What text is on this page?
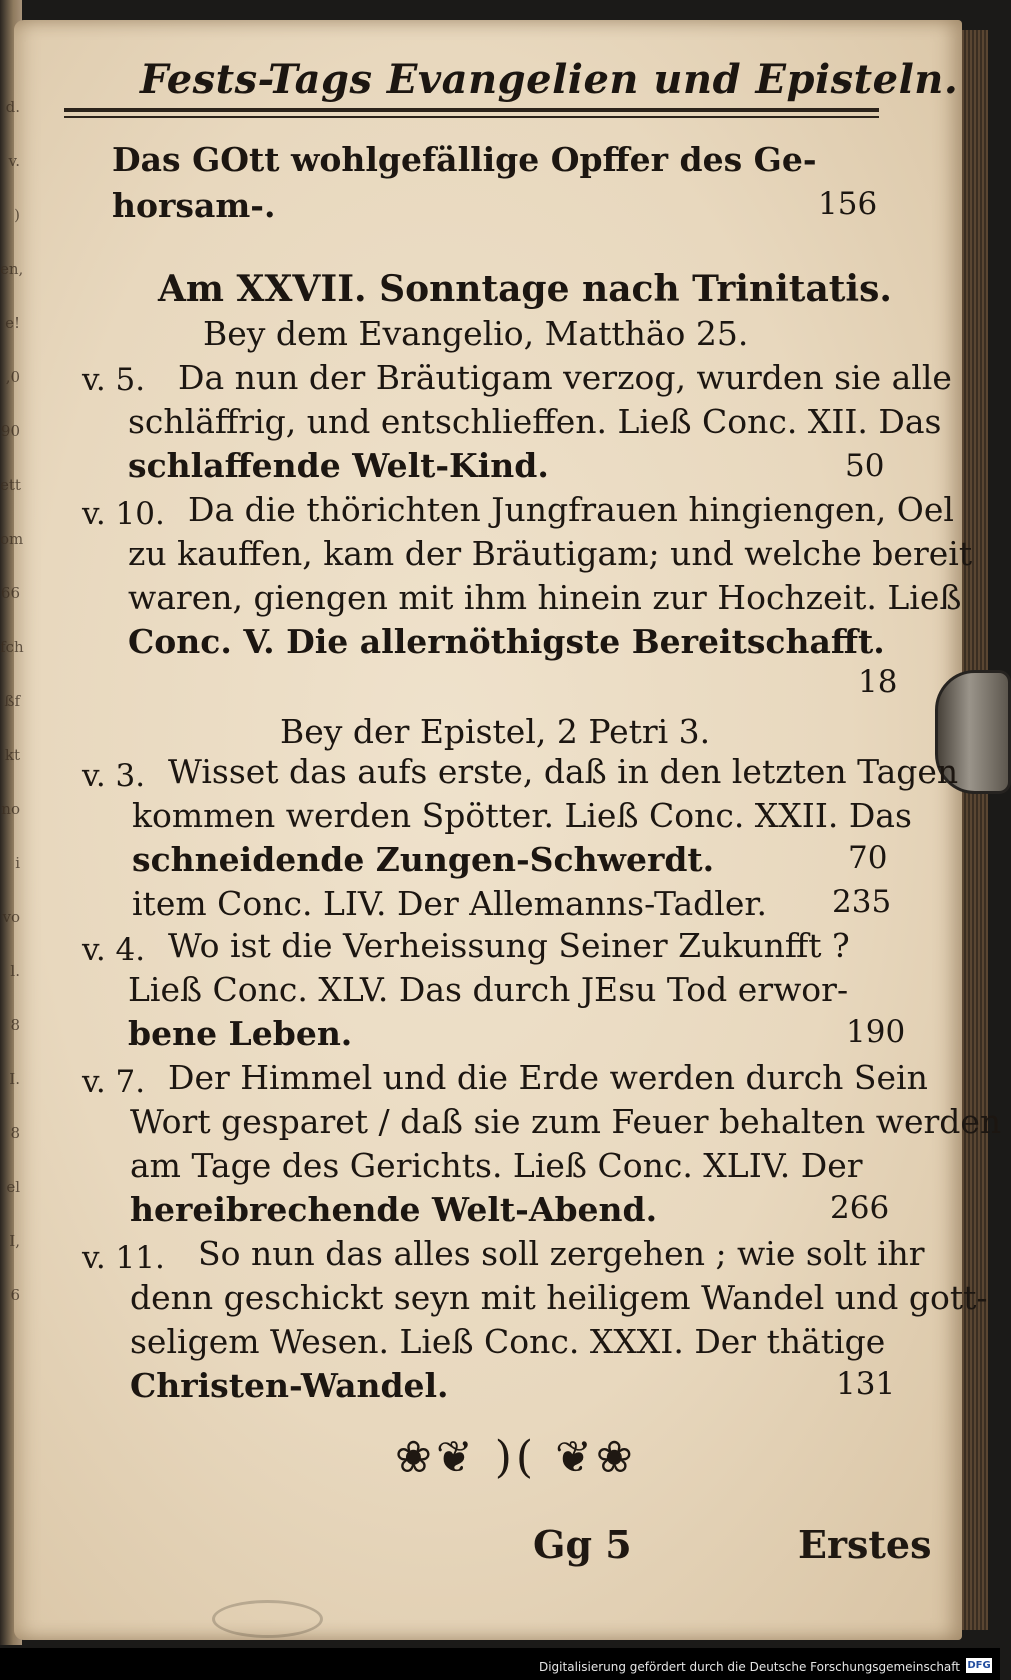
d. v. ) en, e! ,0 90 ett om 66 fch ßf kt no i vo l. 8 I. 8 el I, 6
Fests-Tags Evangelien und Episteln.
Das GOtt wohlgefällige Opffer des Ge-
horsam-.	156
Am XXVII. Sonntage nach Trinitatis.
Bey dem Evangelio, Matthäo 25.
v. 5. Da nun der Bräutigam verzog, wurden sie alle
schläffrig, und entschlieffen. Ließ Conc. XII. Das
schlaffende Welt-Kind.	50
v. 10. Da die thörichten Jungfrauen hingiengen, Oel
zu kauffen, kam der Bräutigam; und welche bereit
waren, giengen mit ihm hinein zur Hochzeit. Ließ
Conc. V. Die allernöthigste Bereitschafft.
18
Bey der Epistel, 2 Petri 3.
v. 3. Wisset das aufs erste, daß in den letzten Tagen
kommen werden Spötter. Ließ Conc. XXII. Das
schneidende Zungen-Schwerdt.	70
item Conc. LIV. Der Allemanns-Tadler. 235
v. 4. Wo ist die Verheissung Seiner Zukunfft ?
Ließ Conc. XLV. Das durch JEsu Tod erwor-
bene Leben.	190
v. 7. Der Himmel und die Erde werden durch Sein
Wort gesparet / daß sie zum Feuer behalten werden
am Tage des Gerichts. Ließ Conc. XLIV. Der
hereibrechende Welt-Abend.	266
v. 11. So nun das alles soll zergehen ; wie solt ihr
denn geschickt seyn mit heiligem Wandel und gott-
seligem Wesen. Ließ Conc. XXXI. Der thätige
Christen-Wandel.	131
❀❦ )( ❦❀
Gg 5	Erstes
Digitalisierung gefördert durch die Deutsche Forschungsgemeinschaft DFG
